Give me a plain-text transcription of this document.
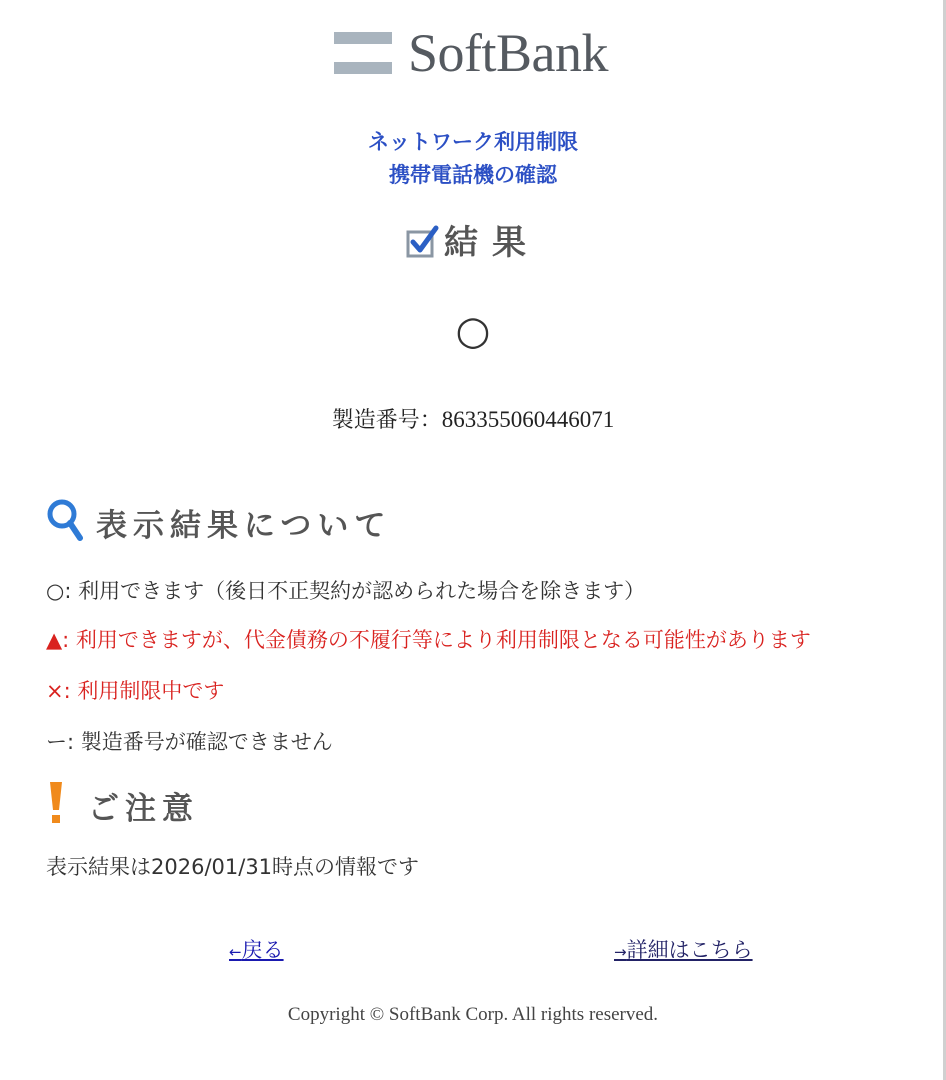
SoftBank
ネットワーク利用制限
携帯電話機の確認
結果
○
製造番号：863355060446071
表示結果について
○: 利用できます（後日不正契約が認められた場合を除きます）
▲: 利用できますが、代金債務の不履行等により利用制限となる可能性があります
×: 利用制限中です
ー: 製造番号が確認できません
ご注意
表示結果は2026/01/31時点の情報です
←戻る	→詳細はこちら
Copyright © SoftBank Corp. All rights reserved.
